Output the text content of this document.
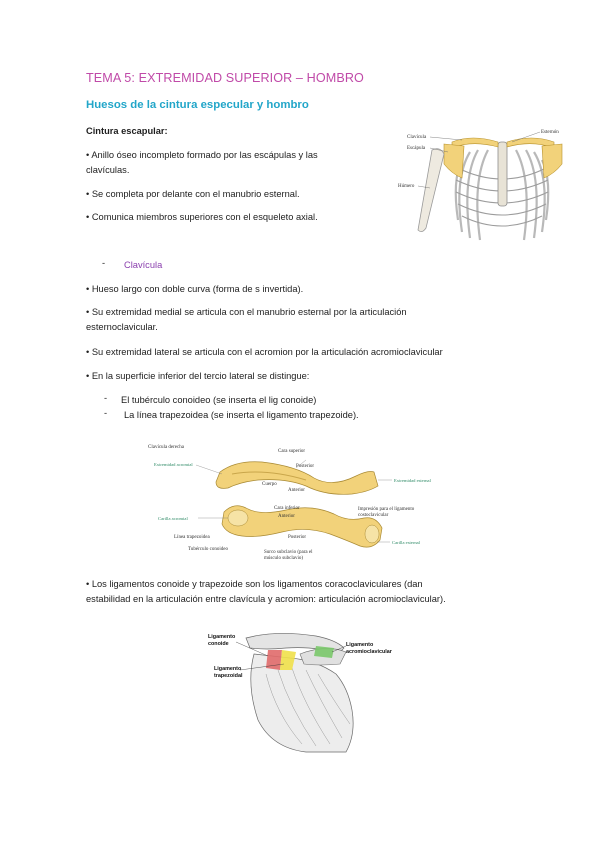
TEMA 5: EXTREMIDAD SUPERIOR – HOMBRO
Huesos de la cintura especular y hombro
Cintura escapular:
• Anillo óseo incompleto formado por las escápulas y las
clavículas.
• Se completa por delante con el manubrio esternal.
• Comunica miembros superiores con el esqueleto axial.
Clavícula
Escápula
Húmero
Esternón
- Clavícula
• Hueso largo con doble curva (forma de s invertida).
• Su extremidad medial se articula con el manubrio esternal por la articulación
esternoclavicular.
• Su extremidad lateral se articula con el acromion por la articulación acromioclavicular
• En la superficie inferior del tercio lateral se distingue:
- El tubérculo conoideo (se inserta el lig conoide)
- La línea trapezoidea (se inserta el ligamento trapezoide).
Clavícula derecha
Cara superior
Posterior
Extremidad acromial
Extremidad esternal
Cuerpo
Anterior
Cara inferior
Anterior
Carilla acromial
Impresión para el ligamento
costoclavicular
Línea trapezoidea	Posterior
Carilla esternal
Tubérculo conoideo
Surco subclavio (para el
músculo subclavio)
• Los ligamentos conoide y trapezoide son los ligamentos coracoclaviculares (dan
estabilidad en la articulación entre clavícula y acromion: articulación acromioclavicular).
Ligamento
conoide
Ligamento
trapezoidal
Ligamento
acromioclavicular
